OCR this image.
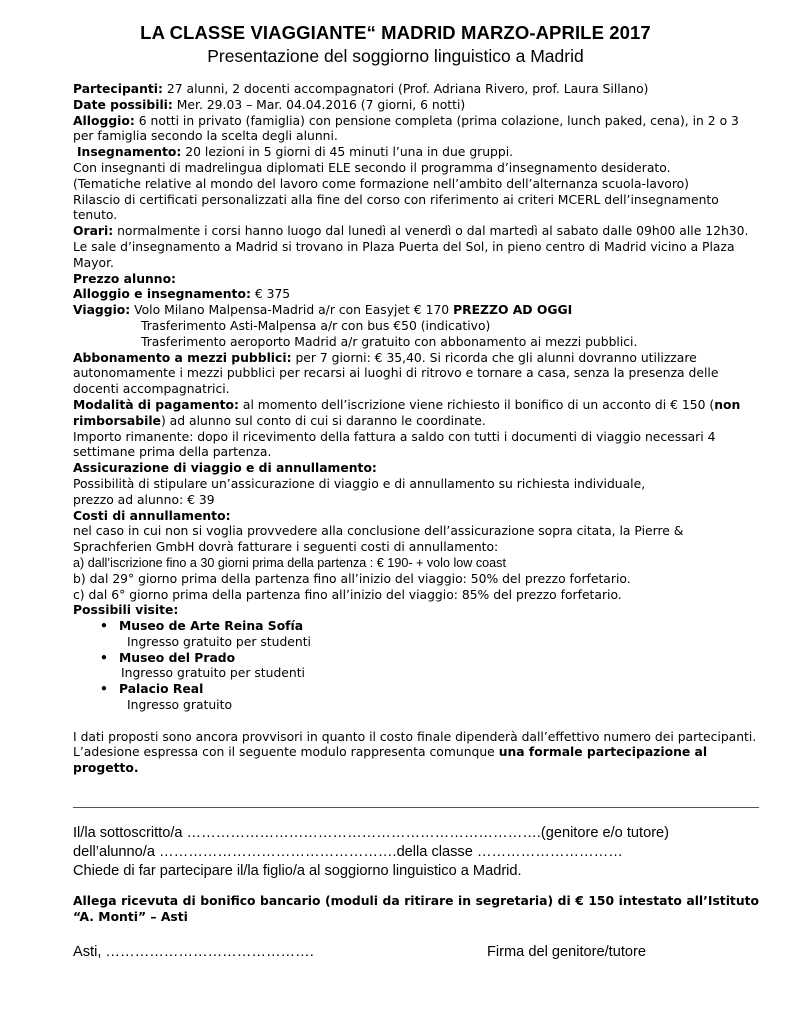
LA CLASSE VIAGGIANTE“ MADRID MARZO-APRILE 2017
Presentazione del soggiorno linguistico a Madrid

Partecipanti: 27 alunni, 2 docenti accompagnatori (Prof. Adriana Rivero, prof. Laura Sillano)

Date possibili: Mer. 29.03 – Mar. 04.04.2016 (7 giorni, 6 notti)

Alloggio: 6 notti in privato (famiglia) con pensione completa (prima colazione, lunch paked, cena), in 2 o 3 per famiglia secondo la scelta degli alunni.

Insegnamento: 20 lezioni in 5 giorni di 45 minuti l’una in due gruppi.

Con insegnanti di madrelingua diplomati ELE secondo il programma d’insegnamento desiderato.

(Tematiche relative al mondo del lavoro come formazione nell’ambito dell’alternanza scuola-lavoro)

Rilascio di certificati personalizzati alla fine del corso con riferimento ai criteri MCERL dell’insegnamento tenuto.

Orari: normalmente i corsi hanno luogo dal lunedì al venerdì o dal martedì al sabato dalle 09h00 alle 12h30.

Le sale d’insegnamento a Madrid si trovano in Plaza Puerta del Sol, in pieno centro di Madrid vicino a Plaza Mayor.

Prezzo alunno:

Alloggio e insegnamento: € 375

Viaggio: Volo Milano Malpensa-Madrid a/r con Easyjet € 170 PREZZO AD OGGI

Trasferimento Asti-Malpensa a/r con bus €50 (indicativo)

Trasferimento aeroporto Madrid a/r gratuito con abbonamento ai mezzi pubblici.

Abbonamento a mezzi pubblici: per 7 giorni: € 35,40. Si ricorda che gli alunni dovranno utilizzare autonomamente i mezzi pubblici per recarsi ai luoghi di ritrovo e tornare a casa, senza la presenza delle docenti accompagnatrici.

Modalità di pagamento: al momento dell’iscrizione viene richiesto il bonifico di un acconto di € 150 (non rimborsabile) ad alunno sul conto di cui si daranno le coordinate.

Importo rimanente: dopo il ricevimento della fattura a saldo con tutti i documenti di viaggio necessari 4 settimane prima della partenza.

Assicurazione di viaggio e di annullamento:

Possibilità di stipulare un’assicurazione di viaggio e di annullamento su richiesta individuale,

prezzo ad alunno: € 39

Costi di annullamento:

nel caso in cui non si voglia provvedere alla conclusione dell’assicurazione sopra citata, la Pierre & Sprachferien GmbH dovrà fatturare i seguenti costi di annullamento:

a) dall’iscrizione fino a 30 giorni prima della partenza : € 190- + volo low coast

b) dal 29° giorno prima della partenza fino all’inizio del viaggio: 50% del prezzo forfetario.

c) dal 6° giorno prima della partenza fino all’inizio del viaggio: 85% del prezzo forfetario.

Possibili visite:

• Museo de Arte Reina Sofía

Ingresso gratuito per studenti

• Museo del Prado

Ingresso gratuito per studenti

• Palacio Real

Ingresso gratuito

I dati proposti sono ancora provvisori in quanto il costo finale dipenderà dall’effettivo numero dei partecipanti.

L’adesione espressa con il seguente modulo rappresenta comunque una formale partecipazione al progetto.

Il/la sottoscritto/a ……………………………………………………………….(genitore e/o tutore)

dell’alunno/a ………………………………………….della classe …………………………

Chiede di far partecipare il/la figlio/a al soggiorno linguistico a Madrid.

Allega ricevuta di bonifico bancario (moduli da ritirare in segretaria) di € 150 intestato all’Istituto “A. Monti” – Asti

Asti, …………………………………….	Firma del genitore/tutore
